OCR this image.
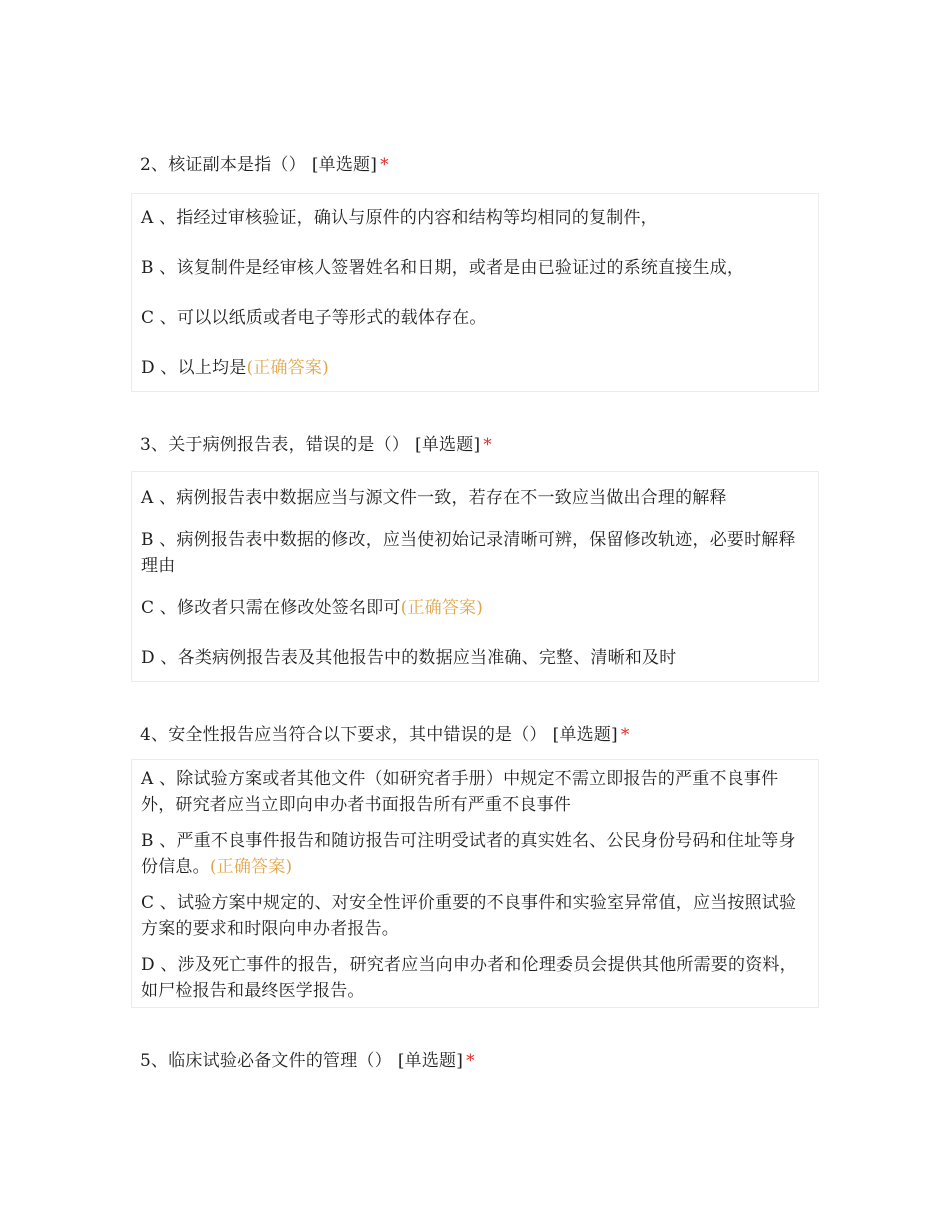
2、核证副本是指（） [单选题] *
A 、指经过审核验证，确认与原件的内容和结构等均相同的复制件，
B 、该复制件是经审核人签署姓名和日期，或者是由已验证过的系统直接生成，
C 、可以以纸质或者电子等形式的载体存在。
D 、以上均是(正确答案)
3、关于病例报告表，错误的是（） [单选题] *
A 、病例报告表中数据应当与源文件一致，若存在不一致应当做出合理的解释
B 、病例报告表中数据的修改，应当使初始记录清晰可辨，保留修改轨迹，必要时解释理由
C 、修改者只需在修改处签名即可(正确答案)
D 、各类病例报告表及其他报告中的数据应当准确、完整、清晰和及时
4、安全性报告应当符合以下要求，其中错误的是（） [单选题] *
A 、除试验方案或者其他文件（如研究者手册）中规定不需立即报告的严重不良事件外，研究者应当立即向申办者书面报告所有严重不良事件
B 、严重不良事件报告和随访报告可注明受试者的真实姓名、公民身份号码和住址等身份信息。(正确答案)
C 、试验方案中规定的、对安全性评价重要的不良事件和实验室异常值，应当按照试验方案的要求和时限向申办者报告。
D 、涉及死亡事件的报告，研究者应当向申办者和伦理委员会提供其他所需要的资料，如尸检报告和最终医学报告。
5、临床试验必备文件的管理（） [单选题] *
